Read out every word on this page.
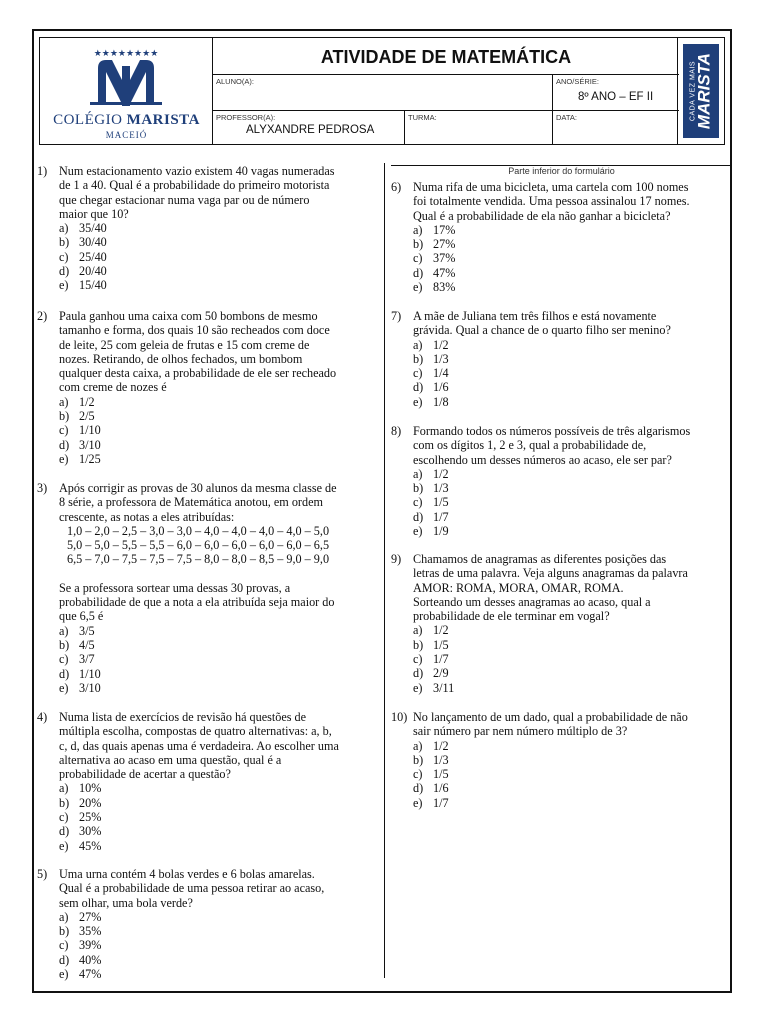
★★★★★★★★
COLÉGIO MARISTA
MACEIÓ
ATIVIDADE DE MATEMÁTICA
ALUNO(A):	ANO/SÉRIE:
8º ANO – EF II
PROFESSOR(A):
ALYXANDRE PEDROSA
TURMA:	DATA:	CADA VEZ MAIS
MARISTA
Parte inferior do formulário
1) Num estacionamento vazio existem 40 vagas numeradas
de 1 a 40. Qual é a probabilidade do primeiro motorista
que chegar estacionar numa vaga par ou de número
maior que 10?
a) 35/40
b) 30/40
c) 25/40
d) 20/40
e) 15/40
2) Paula ganhou uma caixa com 50 bombons de mesmo
tamanho e forma, dos quais 10 são recheados com doce
de leite, 25 com geleia de frutas e 15 com creme de
nozes. Retirando, de olhos fechados, um bombom
qualquer desta caixa, a probabilidade de ele ser recheado
com creme de nozes é
a) 1/2
b) 2/5
c) 1/10
d) 3/10
e) 1/25
3) Após corrigir as provas de 30 alunos da mesma classe de
8 série, a professora de Matemática anotou, em ordem
crescente, as notas a eles atribuídas:
1,0 – 2,0 – 2,5 – 3,0 – 3,0 – 4,0 – 4,0 – 4,0 – 4,0 – 5,0
5,0 – 5,0 – 5,5 – 5,5 – 6,0 – 6,0 – 6,0 – 6,0 – 6,0 – 6,5
6,5 – 7,0 – 7,5 – 7,5 – 7,5 – 8,0 – 8,0 – 8,5 – 9,0 – 9,0
Se a professora sortear uma dessas 30 provas, a
probabilidade de que a nota a ela atribuída seja maior do
que 6,5 é
a) 3/5
b) 4/5
c) 3/7
d) 1/10
e) 3/10
4) Numa lista de exercícios de revisão há questões de
múltipla escolha, compostas de quatro alternativas: a, b,
c, d, das quais apenas uma é verdadeira. Ao escolher uma
alternativa ao acaso em uma questão, qual é a
probabilidade de acertar a questão?
a) 10%
b) 20%
c) 25%
d) 30%
e) 45%
5) Uma urna contém 4 bolas verdes e 6 bolas amarelas.
Qual é a probabilidade de uma pessoa retirar ao acaso,
sem olhar, uma bola verde?
a) 27%
b) 35%
c) 39%
d) 40%
e) 47%
6) Numa rifa de uma bicicleta, uma cartela com 100 nomes
foi totalmente vendida. Uma pessoa assinalou 17 nomes.
Qual é a probabilidade de ela não ganhar a bicicleta?
a) 17%
b) 27%
c) 37%
d) 47%
e) 83%
7) A mãe de Juliana tem três filhos e está novamente
grávida. Qual a chance de o quarto filho ser menino?
a) 1/2
b) 1/3
c) 1/4
d) 1/6
e) 1/8
8) Formando todos os números possíveis de três algarismos
com os dígitos 1, 2 e 3, qual a probabilidade de,
escolhendo um desses números ao acaso, ele ser par?
a) 1/2
b) 1/3
c) 1/5
d) 1/7
e) 1/9
9) Chamamos de anagramas as diferentes posições das
letras de uma palavra. Veja alguns anagramas da palavra
AMOR: ROMA, MORA, OMAR, ROMA.
Sorteando um desses anagramas ao acaso, qual a
probabilidade de ele terminar em vogal?
a) 1/2
b) 1/5
c) 1/7
d) 2/9
e) 3/11
10) No lançamento de um dado, qual a probabilidade de não
sair número par nem número múltiplo de 3?
a) 1/2
b) 1/3
c) 1/5
d) 1/6
e) 1/7
